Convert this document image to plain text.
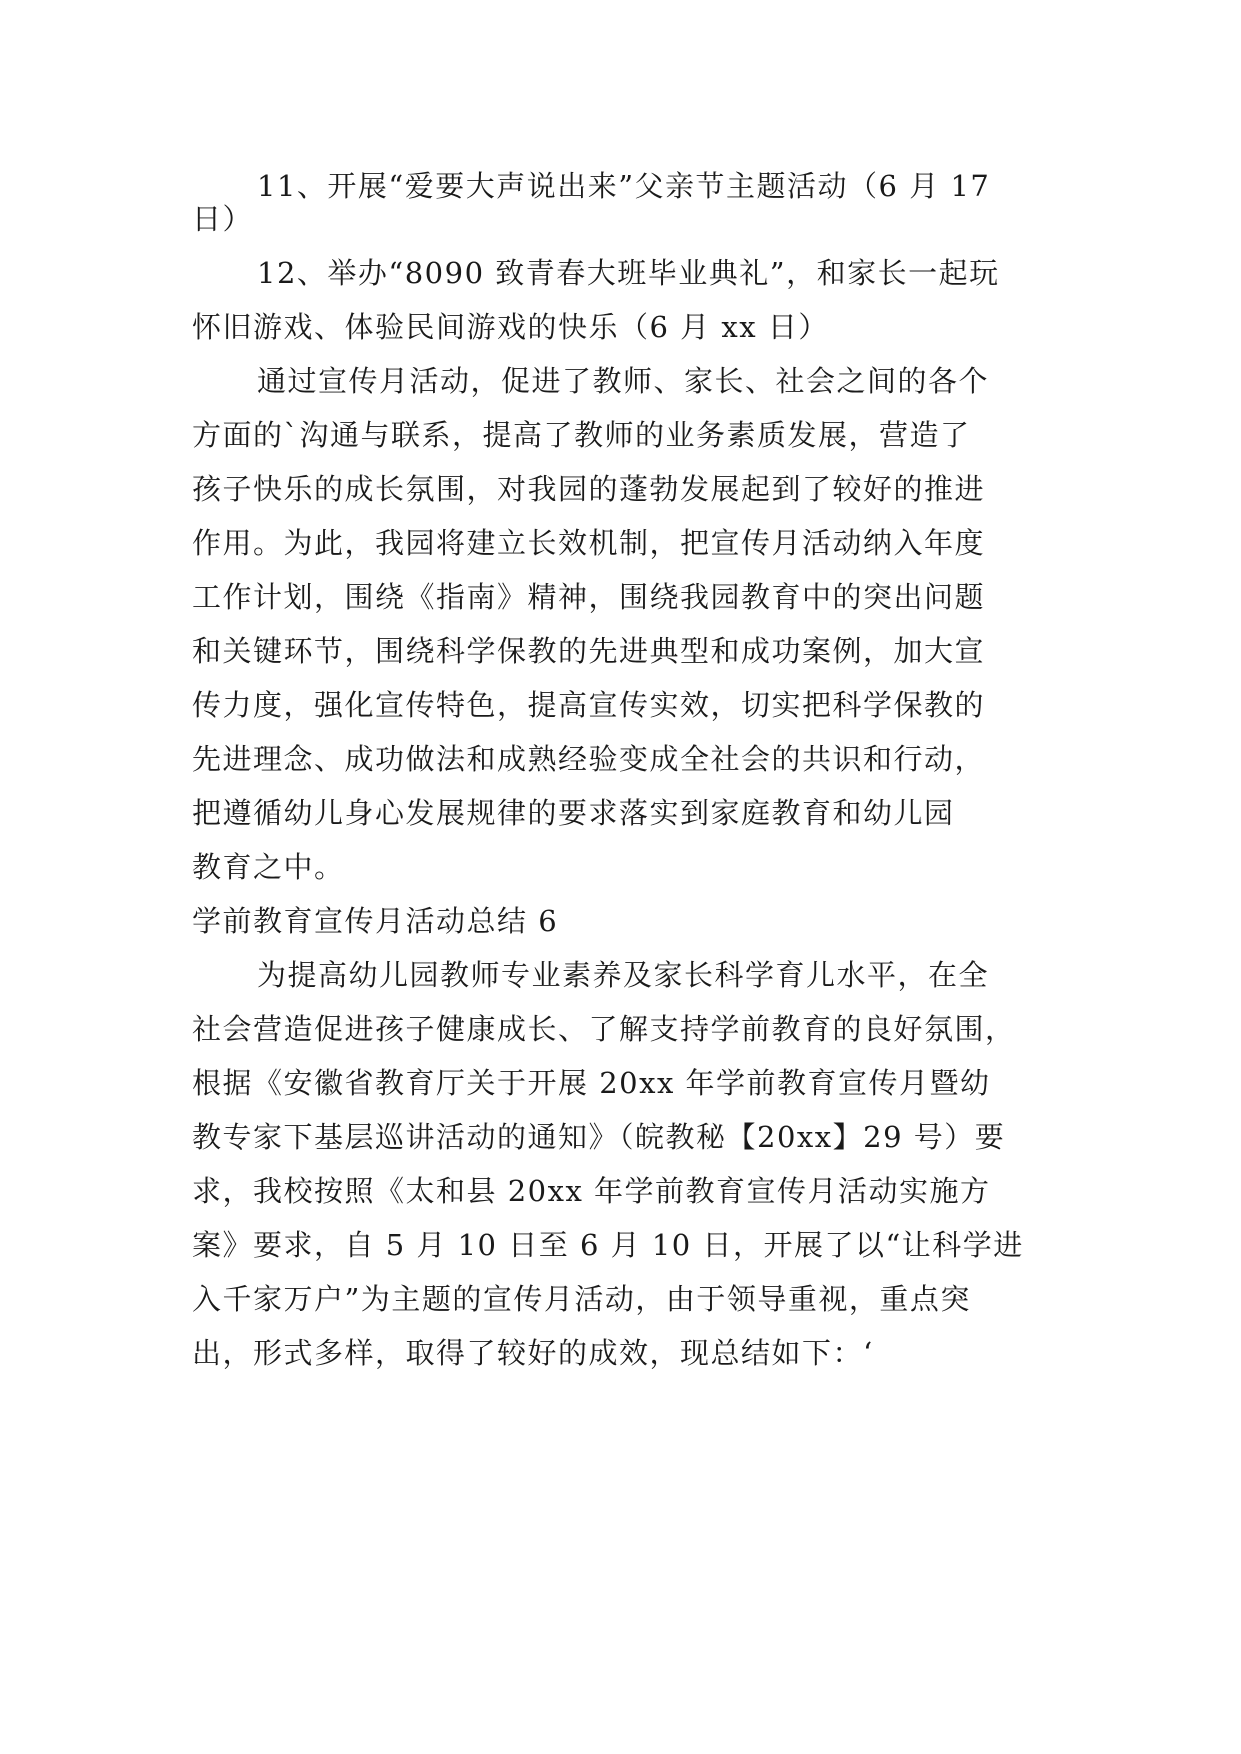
11、开展“爱要大声说出来”父亲节主题活动（6 月 17
日）
12、举办“8090 致青春大班毕业典礼”，和家长一起玩
怀旧游戏、体验民间游戏的快乐（6 月 xx 日）
通过宣传月活动，促进了教师、家长、社会之间的各个
方面的`沟通与联系，提高了教师的业务素质发展，营造了
孩子快乐的成长氛围，对我园的蓬勃发展起到了较好的推进
作用。为此，我园将建立长效机制，把宣传月活动纳入年度
工作计划，围绕《指南》精神，围绕我园教育中的突出问题
和关键环节，围绕科学保教的先进典型和成功案例，加大宣
传力度，强化宣传特色，提高宣传实效，切实把科学保教的
先进理念、成功做法和成熟经验变成全社会的共识和行动，
把遵循幼儿身心发展规律的要求落实到家庭教育和幼儿园
教育之中。
学前教育宣传月活动总结 6
为提高幼儿园教师专业素养及家长科学育儿水平，在全
社会营造促进孩子健康成长、了解支持学前教育的良好氛围，
根据《安徽省教育厅关于开展 20xx 年学前教育宣传月暨幼
教专家下基层巡讲活动的通知》（皖教秘【20xx】29 号）要
求，我校按照《太和县 20xx 年学前教育宣传月活动实施方
案》要求，自 5 月 10 日至 6 月 10 日，开展了以“让科学进
入千家万户”为主题的宣传月活动，由于领导重视，重点突
出，形式多样，取得了较好的成效，现总结如下：‘
